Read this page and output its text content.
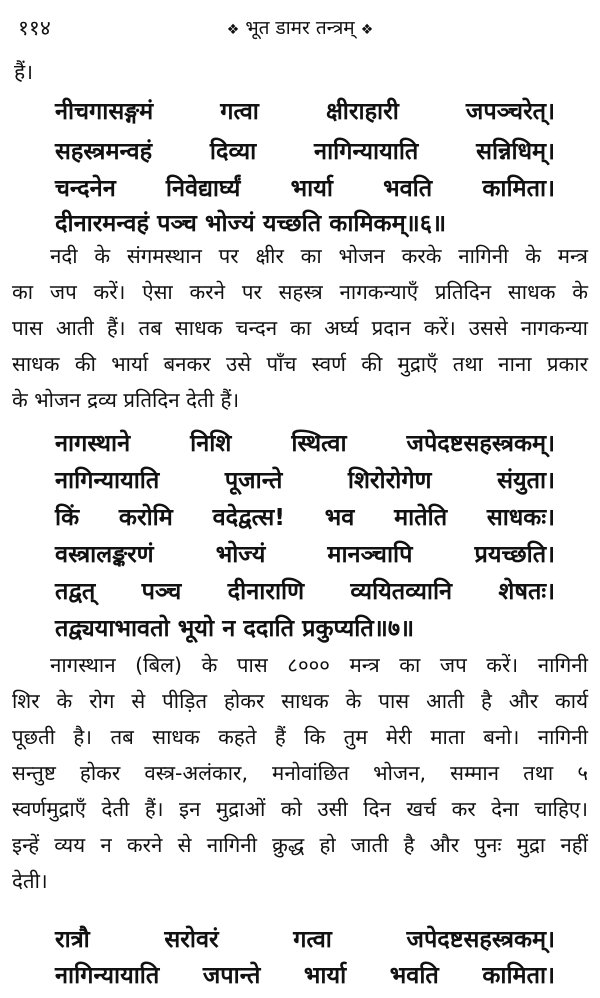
११४	❖ भूत डामर तन्त्रम् ❖
हैं।
नीचगासङ्गमं गत्वा क्षीराहारी जपञ्चरेत्।
सहस्त्रमन्वहं दिव्या नागिन्यायाति सन्निधिम्।
चन्दनेन निवेद्यार्घ्यं भार्या भवति कामिता।
दीनारमन्वहं पञ्च भोज्यं यच्छति कामिकम्॥६॥
नदी के संगमस्थान पर क्षीर का भोजन करके नागिनी के मन्त्र
का जप करें। ऐसा करने पर सहस्त्र नागकन्याएँ प्रतिदिन साधक के
पास आती हैं। तब साधक चन्दन का अर्घ्य प्रदान करें। उससे नागकन्या
साधक की भार्या बनकर उसे पाँच स्वर्ण की मुद्राएँ तथा नाना प्रकार
के भोजन द्रव्य प्रतिदिन देती हैं।
नागस्थाने निशि स्थित्वा जपेदष्टसहस्त्रकम्।
नागिन्यायाति पूजान्ते शिरोरोगेण संयुता।
किं करोमि वदेद्वत्स! भव मातेति साधकः।
वस्त्रालङ्करणं भोज्यं मानञ्चापि प्रयच्छति।
तद्वत् पञ्च दीनाराणि व्ययितव्यानि शेषतः।
तद्व्ययाभावतो भूयो न ददाति प्रकुप्यति॥७॥
नागस्थान (बिल) के पास ८००० मन्त्र का जप करें। नागिनी
शिर के रोग से पीड़ित होकर साधक के पास आती है और कार्य
पूछती है। तब साधक कहते हैं कि तुम मेरी माता बनो। नागिनी
सन्तुष्ट होकर वस्त्र-अलंकार, मनोवांछित भोजन, सम्मान तथा ५
स्वर्णमुद्राएँ देती हैं। इन मुद्राओं को उसी दिन खर्च कर देना चाहिए।
इन्हें व्यय न करने से नागिनी क्रुद्ध हो जाती है और पुनः मुद्रा नहीं
देती।
रात्रौ सरोवरं गत्वा जपेदष्टसहस्त्रकम्।
नागिन्यायाति जपान्ते भार्या भवति कामिता।
